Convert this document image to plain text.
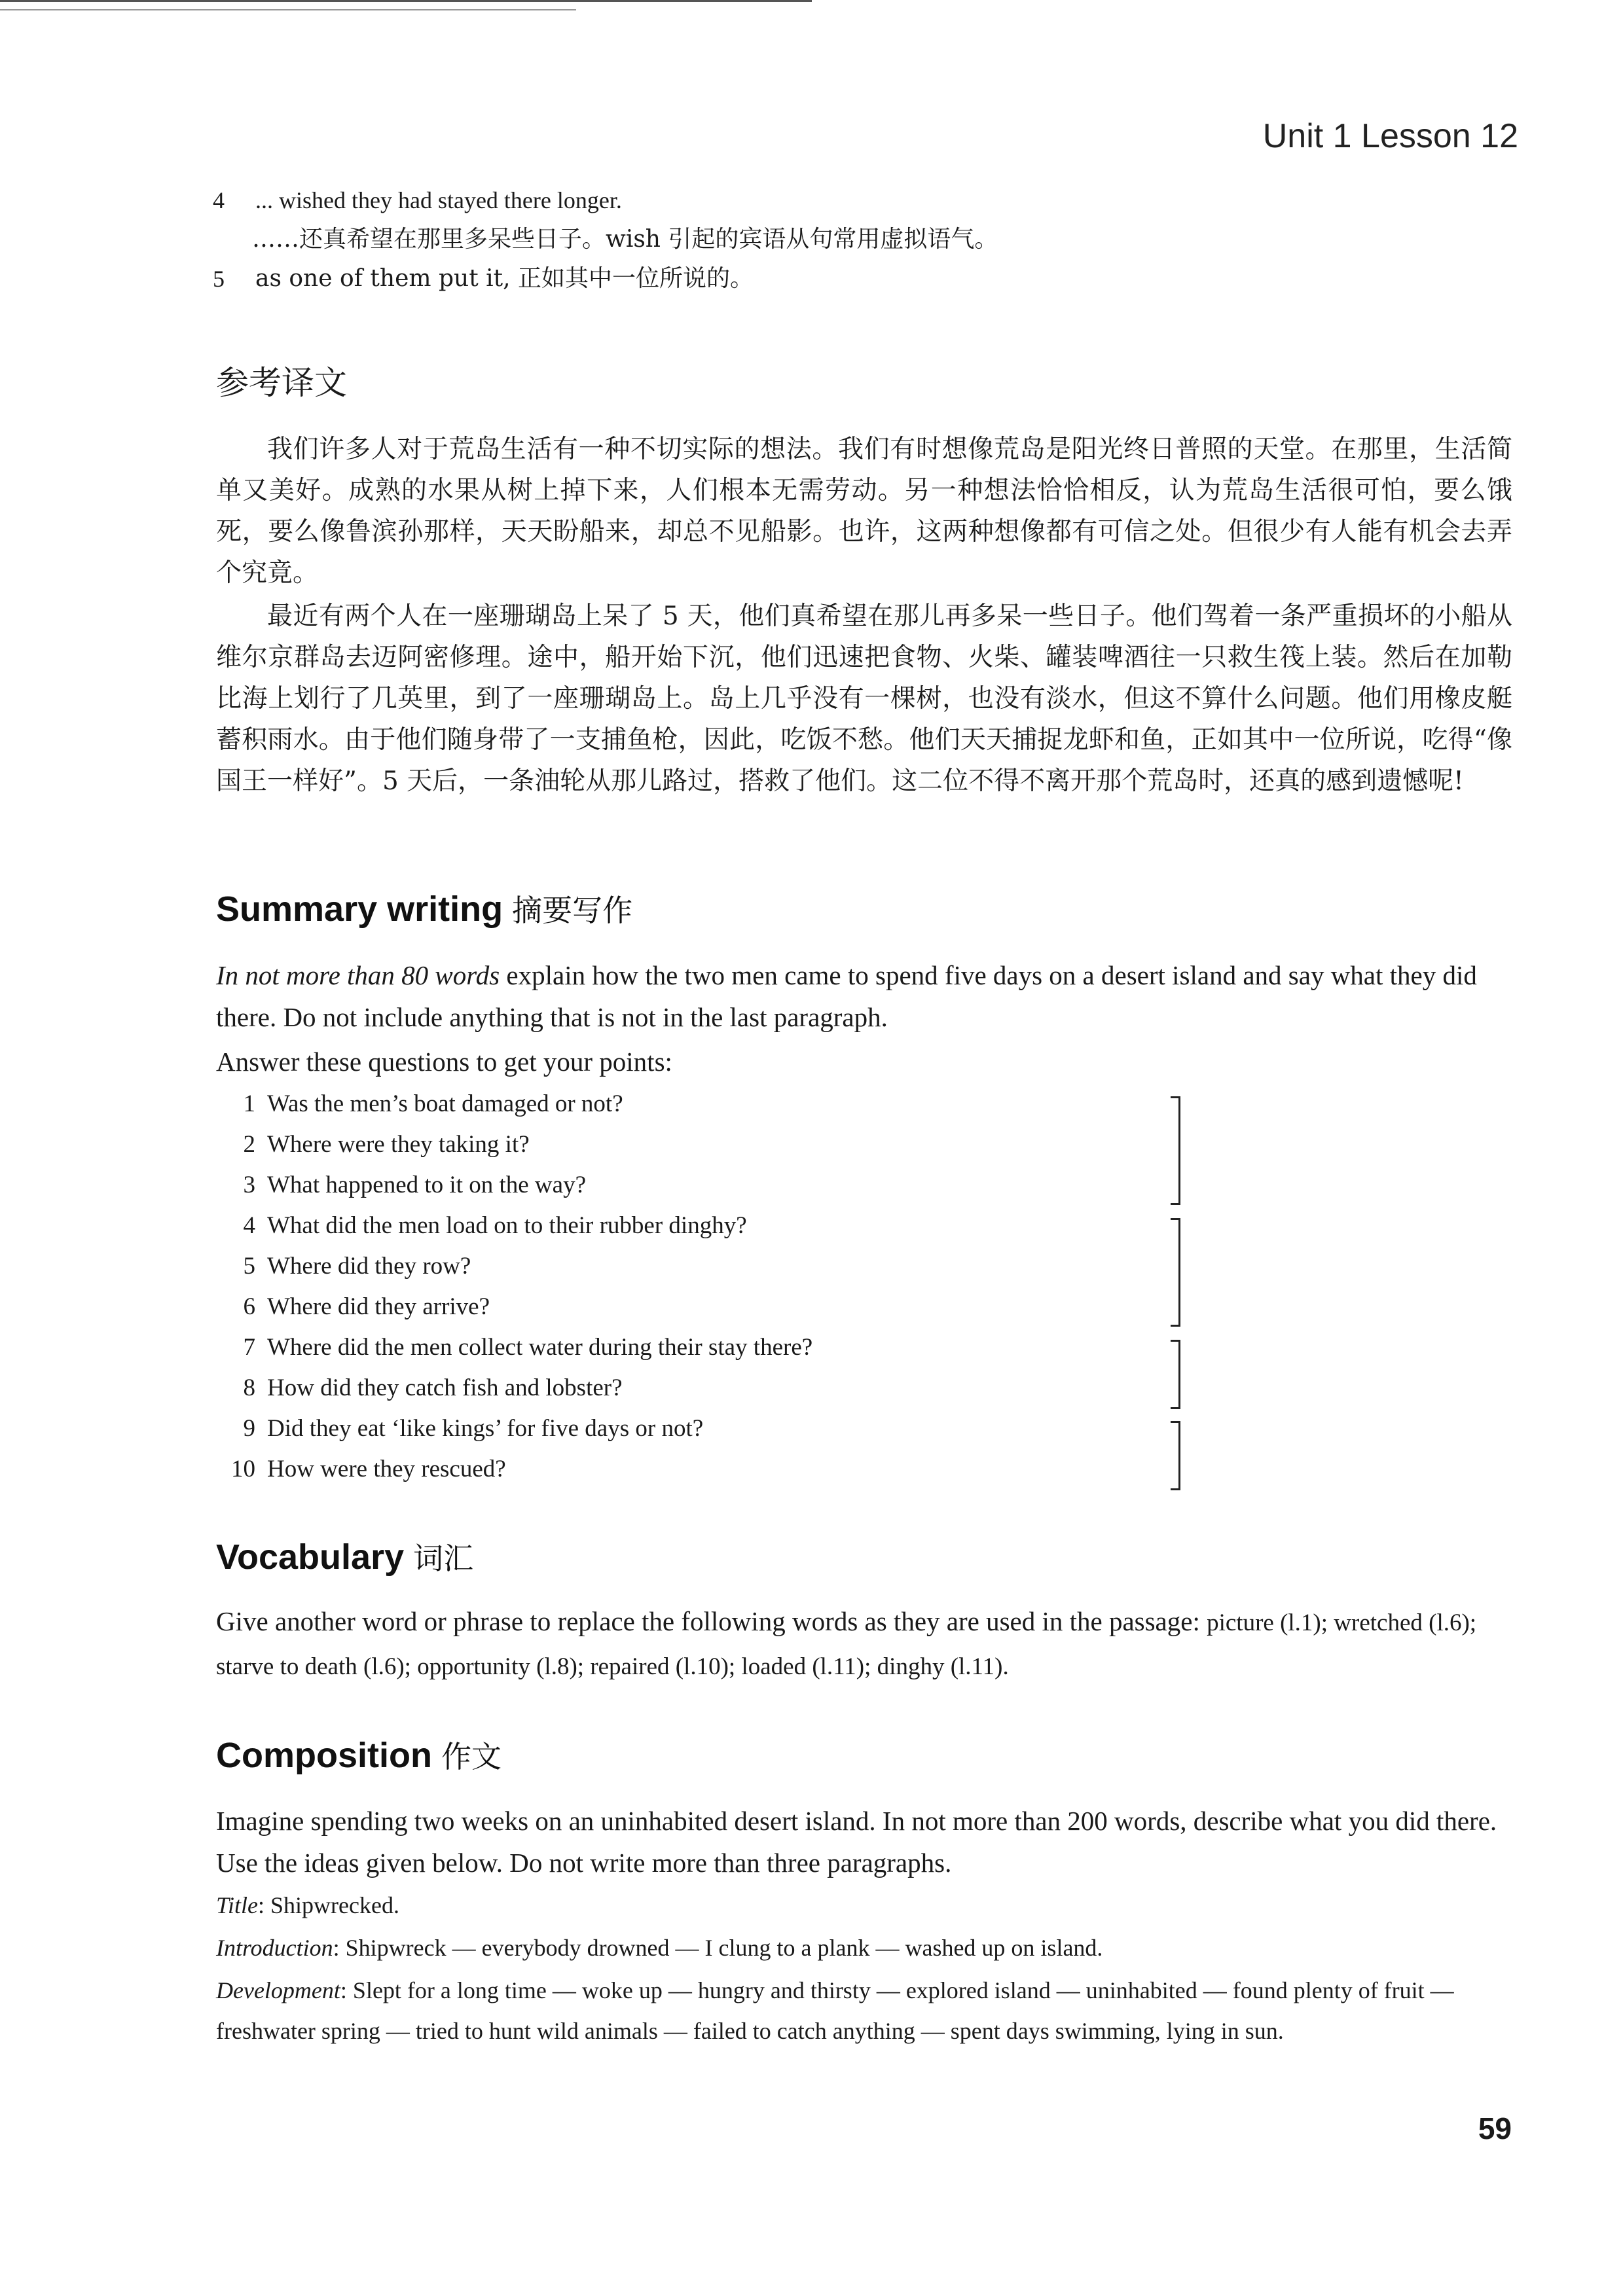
Unit 1 Lesson 12
4 ... wished they had stayed there longer.
……还真希望在那里多呆些日子。wish 引起的宾语从句常用虚拟语气。
5 as one of them put it, 正如其中一位所说的。
参考译文

我们许多人对于荒岛生活有一种不切实际的想法。我们有时想像荒岛是阳光终日普照的天堂。在那里，生活简单又美好。成熟的水果从树上掉下来，人们根本无需劳动。另一种想法恰恰相反，认为荒岛生活很可怕，要么饿死，要么像鲁滨孙那样，天天盼船来，却总不见船影。也许，这两种想像都有可信之处。但很少有人能有机会去弄个究竟。

最近有两个人在一座珊瑚岛上呆了 5 天，他们真希望在那儿再多呆一些日子。他们驾着一条严重损坏的小船从维尔京群岛去迈阿密修理。途中，船开始下沉，他们迅速把食物、火柴、罐装啤酒往一只救生筏上装。然后在加勒比海上划行了几英里，到了一座珊瑚岛上。岛上几乎没有一棵树，也没有淡水，但这不算什么问题。他们用橡皮艇蓄积雨水。由于他们随身带了一支捕鱼枪，因此，吃饭不愁。他们天天捕捉龙虾和鱼，正如其中一位所说，吃得“像国王一样好”。5 天后，一条油轮从那儿路过，搭救了他们。这二位不得不离开那个荒岛时，还真的感到遗憾呢!

Summary writing 摘要写作

In not more than 80 words explain how the two men came to spend five days on a desert island and say what they did there. Do not include anything that is not in the last paragraph.

Answer these questions to get your points:

1 Was the men’s boat damaged or not?
2 Where were they taking it?
3 What happened to it on the way?
4 What did the men load on to their rubber dinghy?
5 Where did they row?
6 Where did they arrive?
7 Where did the men collect water during their stay there?
8 How did they catch fish and lobster?
9 Did they eat ‘like kings’ for five days or not?
10 How were they rescued?
Vocabulary 词汇

Give another word or phrase to replace the following words as they are used in the passage: picture (l.1); wretched (l.6); starve to death (l.6); opportunity (l.8); repaired (l.10); loaded (l.11); dinghy (l.11).

Composition 作文

Imagine spending two weeks on an uninhabited desert island. In not more than 200 words, describe what you did there. Use the ideas given below. Do not write more than three paragraphs.

Title: Shipwrecked.

Introduction: Shipwreck — everybody drowned — I clung to a plank — washed up on island.

Development: Slept for a long time — woke up — hungry and thirsty — explored island — uninhabited — found plenty of fruit — freshwater spring — tried to hunt wild animals — failed to catch anything — spent days swimming, lying in sun.

59
